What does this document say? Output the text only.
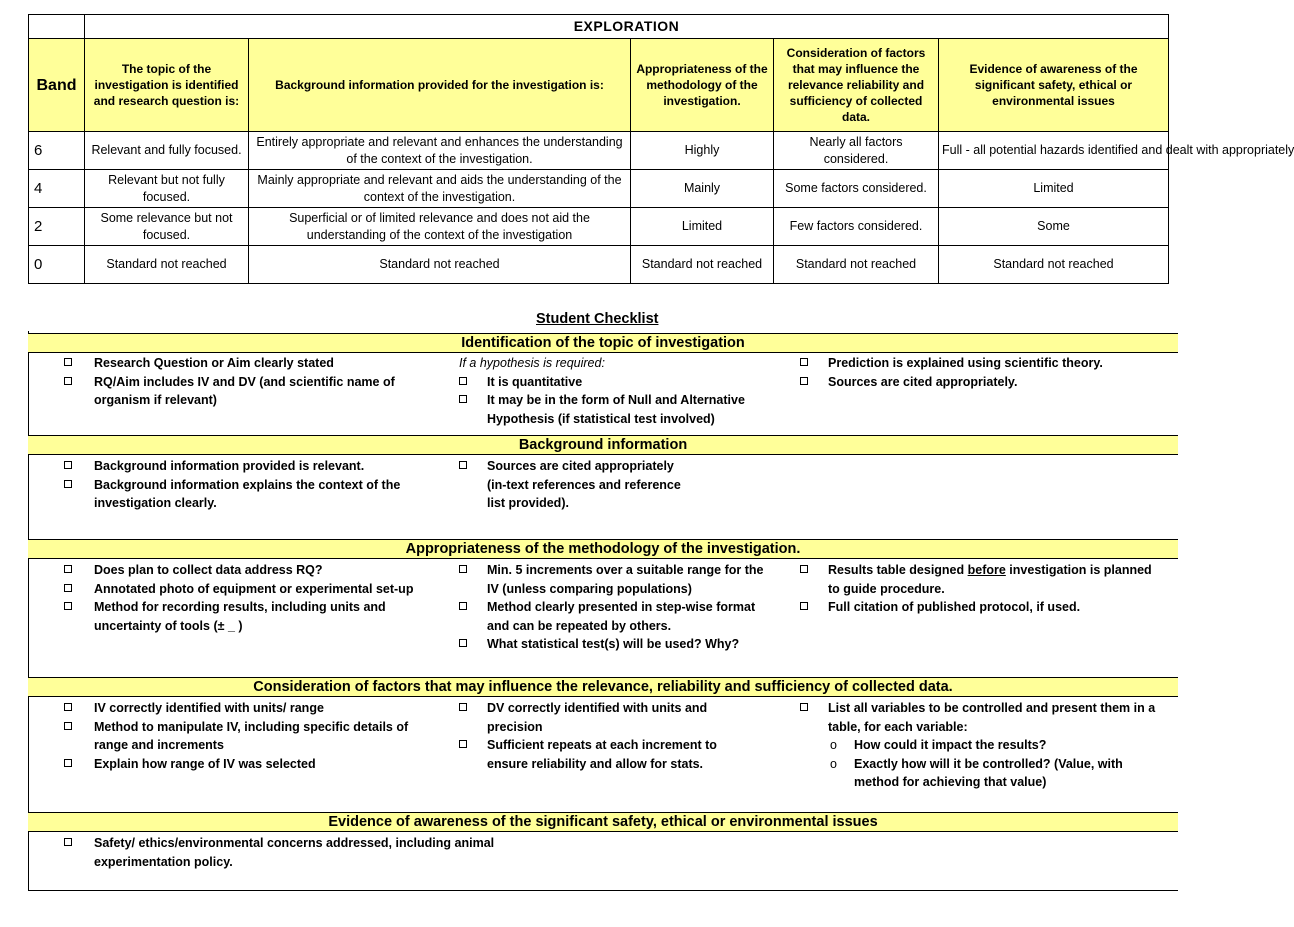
	EXPLORATION				
Band	The topic of the investigation is identified and research question is:	Background information provided for the investigation is:	Appropriateness of the methodology of the investigation.	Consideration of factors that may influence the relevance reliability and sufficiency of collected data.	Evidence of awareness of the significant safety, ethical or environmental issues
6	Relevant and fully focused.	Entirely appropriate and relevant and enhances the understanding of the context of the investigation.	Highly	Nearly all factors considered.	Full - all potential hazards identified and dealt with appropriately
4	Relevant but not fully focused.	Mainly appropriate and relevant and aids the understanding of the context of the investigation.	Mainly	Some factors considered.	Limited
2	Some relevance but not focused.	Superficial or of limited relevance and does not aid the understanding of the context of the investigation	Limited	Few factors considered.	Some
0	Standard not reached	Standard not reached	Standard not reached	Standard not reached	Standard not reached
Student Checklist
Identification of the topic of investigation
Research Question or Aim clearly stated
RQ/Aim includes IV and DV (and scientific name of organism if relevant)
If a hypothesis is required:
It is quantitative
It may be in the form of Null and Alternative Hypothesis (if statistical test involved)
Prediction is explained using scientific theory.
Sources are cited appropriately.
Background information
Background information provided is relevant.
Background information explains the context of the investigation clearly.
Sources are cited appropriately (in-text references and reference list provided).
Appropriateness of the methodology of the investigation.
Does plan to collect data address RQ?
Annotated photo of equipment or experimental set-up
Method for recording results, including units and uncertainty of tools (± _ )
Min. 5 increments over a suitable range for the IV (unless comparing populations)
Method clearly presented in step-wise format and can be repeated by others.
What statistical test(s) will be used? Why?
Results table designed before investigation is planned to guide procedure.
Full citation of published protocol, if used.
Consideration of factors that may influence the relevance, reliability and sufficiency of collected data.
IV correctly identified with units/ range
Method to manipulate IV, including specific details of range and increments
Explain how range of IV was selected
DV correctly identified with units and precision
Sufficient repeats at each increment to ensure reliability and allow for stats.
List all variables to be controlled and present them in a table, for each variable:
o How could it impact the results?
o Exactly how will it be controlled? (Value, with method for achieving that value)
Evidence of awareness of the significant safety, ethical or environmental issues
Safety/ ethics/environmental concerns addressed, including animal experimentation policy.
